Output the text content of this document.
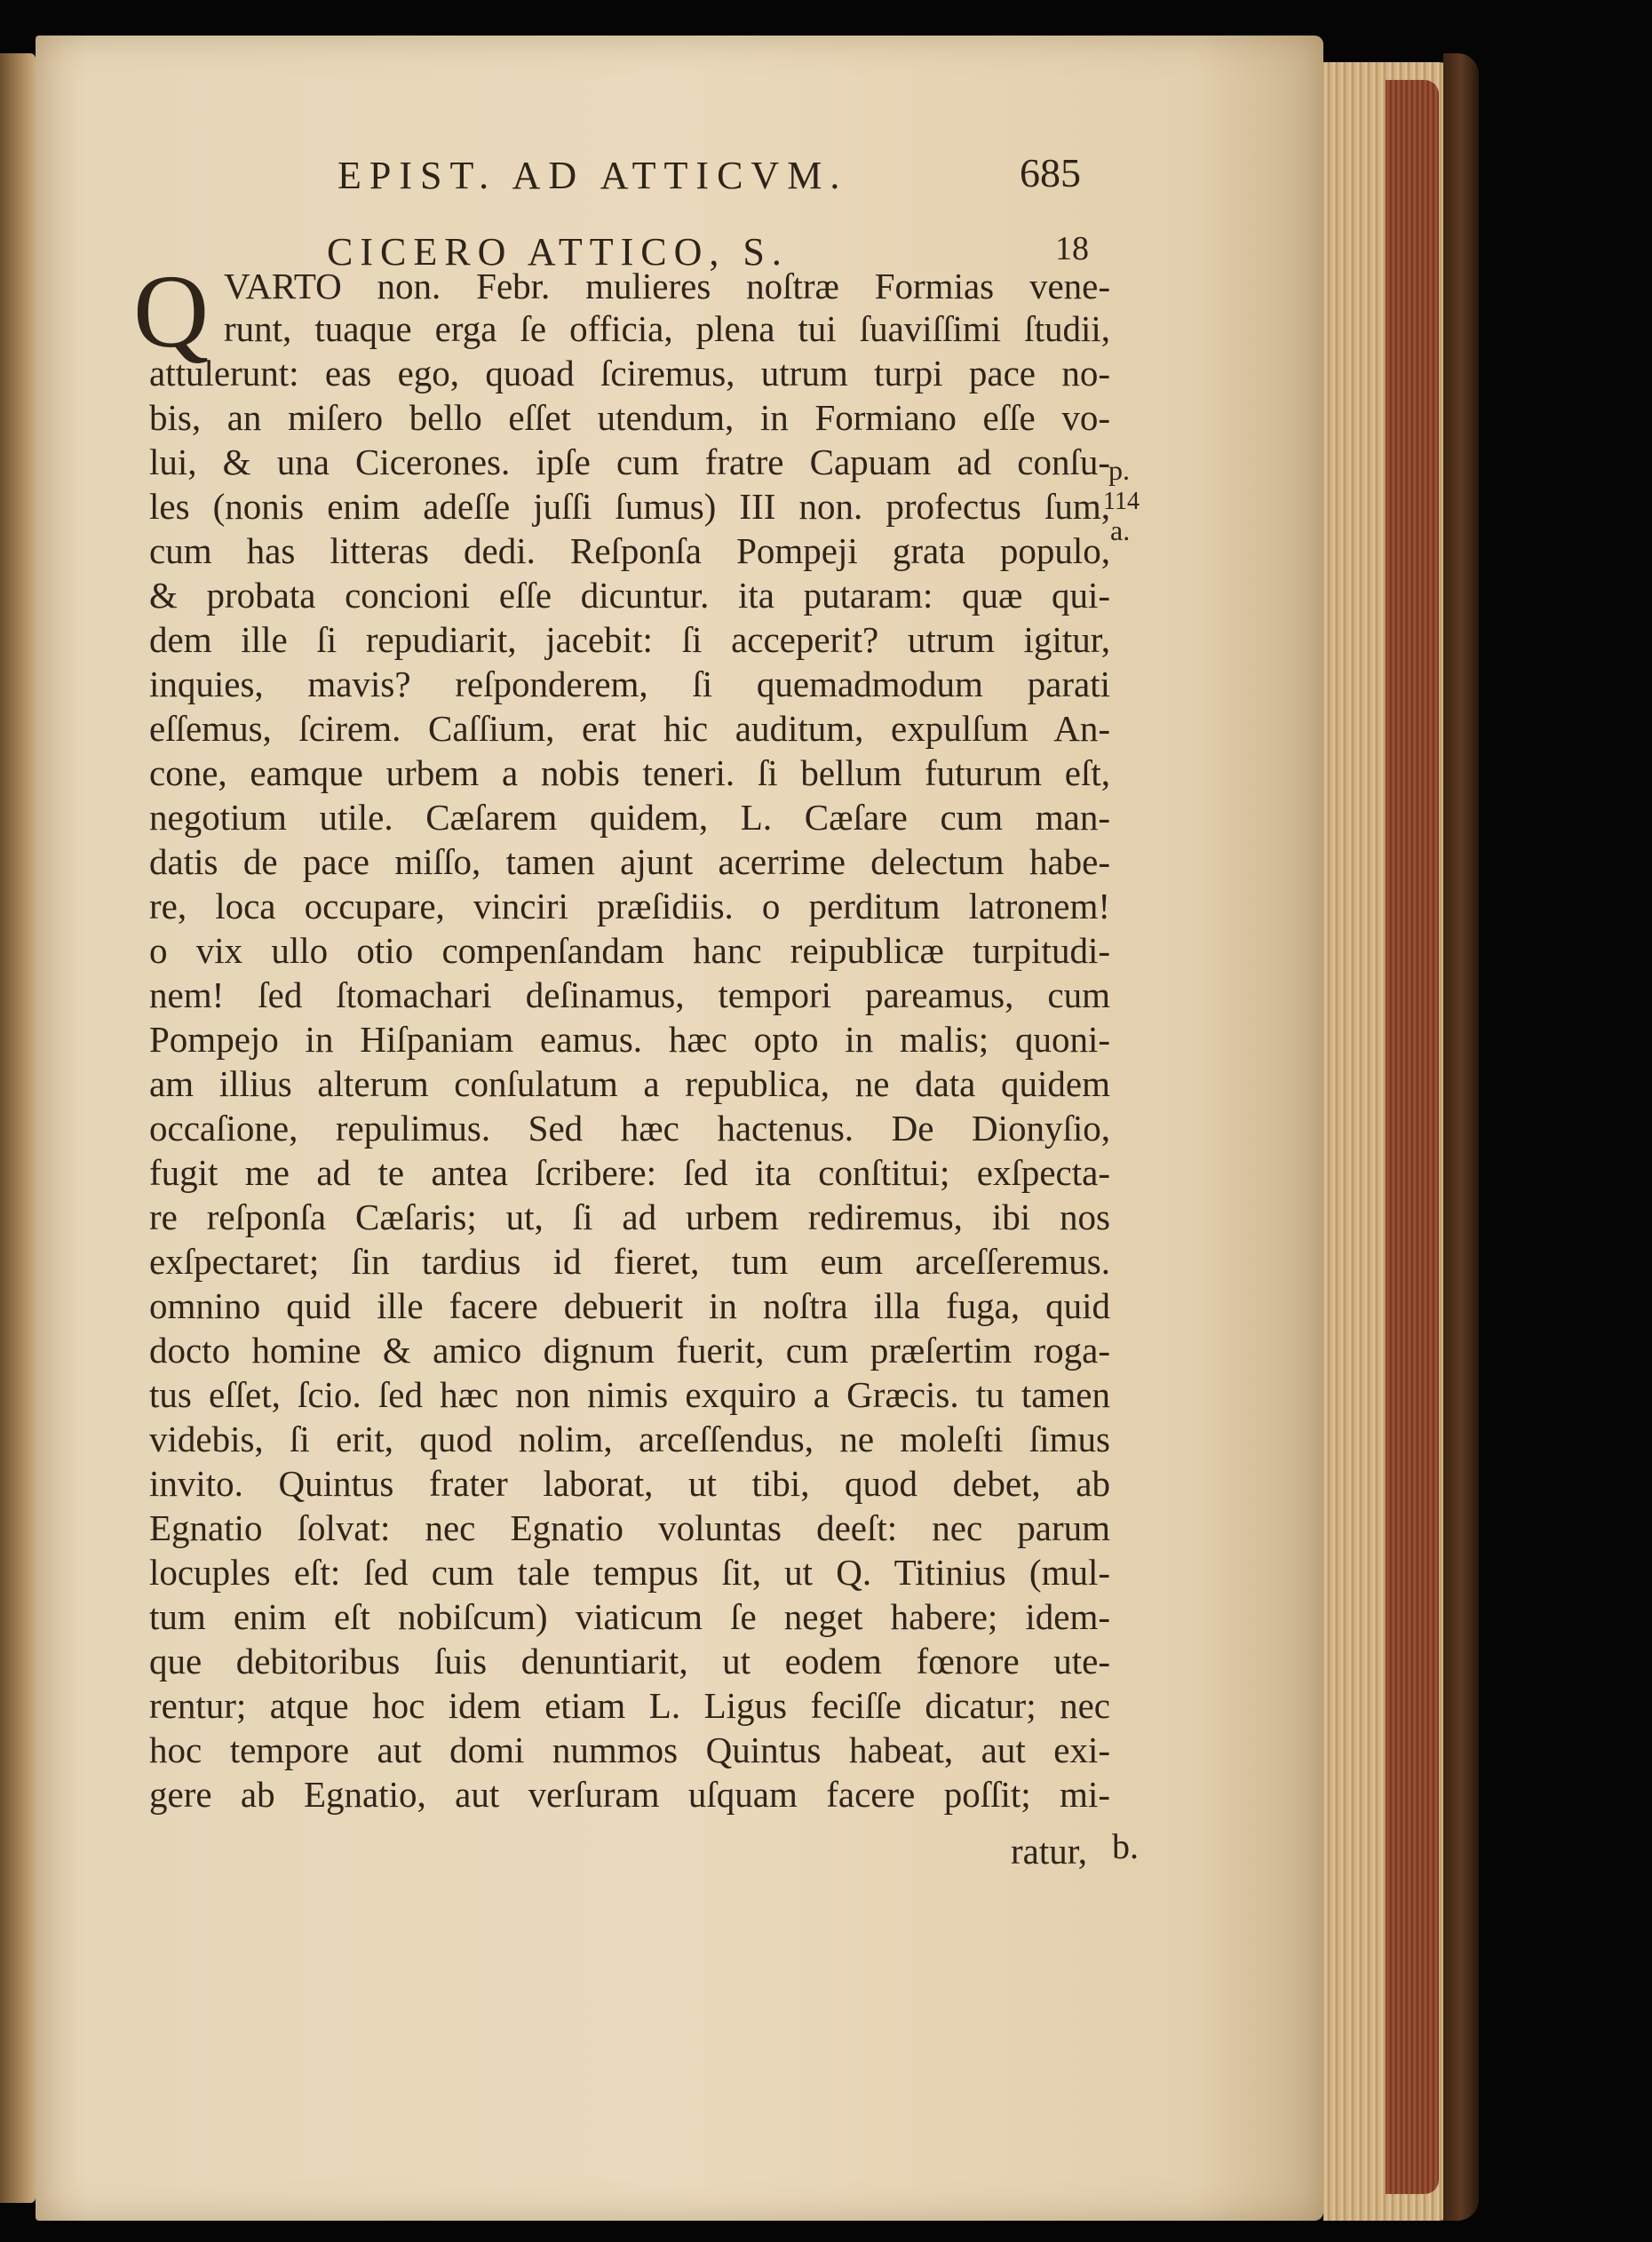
EPIST. AD ATTICVM.	685
CICERO ATTICO, S.	18
Q VARTO non. Febr. mulieres noſtræ Formias vene-
runt, tuaque erga ſe officia, plena tui ſuaviſſimi ſtudii,
attulerunt: eas ego, quoad ſciremus, utrum turpi pace no-
bis, an miſero bello eſſet utendum, in Formiano eſſe vo-
lui, & una Cicerones. ipſe cum fratre Capuam ad conſu-
les (nonis enim adeſſe juſſi ſumus) III non. profectus ſum,
cum has litteras dedi. Reſponſa Pompeji grata populo,
& probata concioni eſſe dicuntur. ita putaram: quæ qui-
dem ille ſi repudiarit, jacebit: ſi acceperit? utrum igitur,
inquies, mavis? reſponderem, ſi quemadmodum parati
eſſemus, ſcirem. Caſſium, erat hic auditum, expulſum An-
cone, eamque urbem a nobis teneri. ſi bellum futurum eſt,
negotium utile. Cæſarem quidem, L. Cæſare cum man-
datis de pace miſſo, tamen ajunt acerrime delectum habe-
re, loca occupare, vinciri præſidiis. o perditum latronem!
o vix ullo otio compenſandam hanc reipublicæ turpitudi-
nem! ſed ſtomachari deſinamus, tempori pareamus, cum
Pompejo in Hiſpaniam eamus. hæc opto in malis; quoni-
am illius alterum conſulatum a republica, ne data quidem
occaſione, repulimus. Sed hæc hactenus. De Dionyſio,
fugit me ad te antea ſcribere: ſed ita conſtitui; exſpecta-
re reſponſa Cæſaris; ut, ſi ad urbem rediremus, ibi nos
exſpectaret; ſin tardius id fieret, tum eum arceſſeremus.
omnino quid ille facere debuerit in noſtra illa fuga, quid
docto homine & amico dignum fuerit, cum præſertim roga-
tus eſſet, ſcio. ſed hæc non nimis exquiro a Græcis. tu tamen
videbis, ſi erit, quod nolim, arceſſendus, ne moleſti ſimus
invito. Quintus frater laborat, ut tibi, quod debet, ab
Egnatio ſolvat: nec Egnatio voluntas deeſt: nec parum
locuples eſt: ſed cum tale tempus ſit, ut Q. Titinius (mul-
tum enim eſt nobiſcum) viaticum ſe neget habere; idem-
que debitoribus ſuis denuntiarit, ut eodem fœnore ute-
rentur; atque hoc idem etiam L. Ligus feciſſe dicatur; nec
hoc tempore aut domi nummos Quintus habeat, aut exi-
gere ab Egnatio, aut verſuram uſquam facere poſſit; mi-
p.
114
a.
b.
ratur,
